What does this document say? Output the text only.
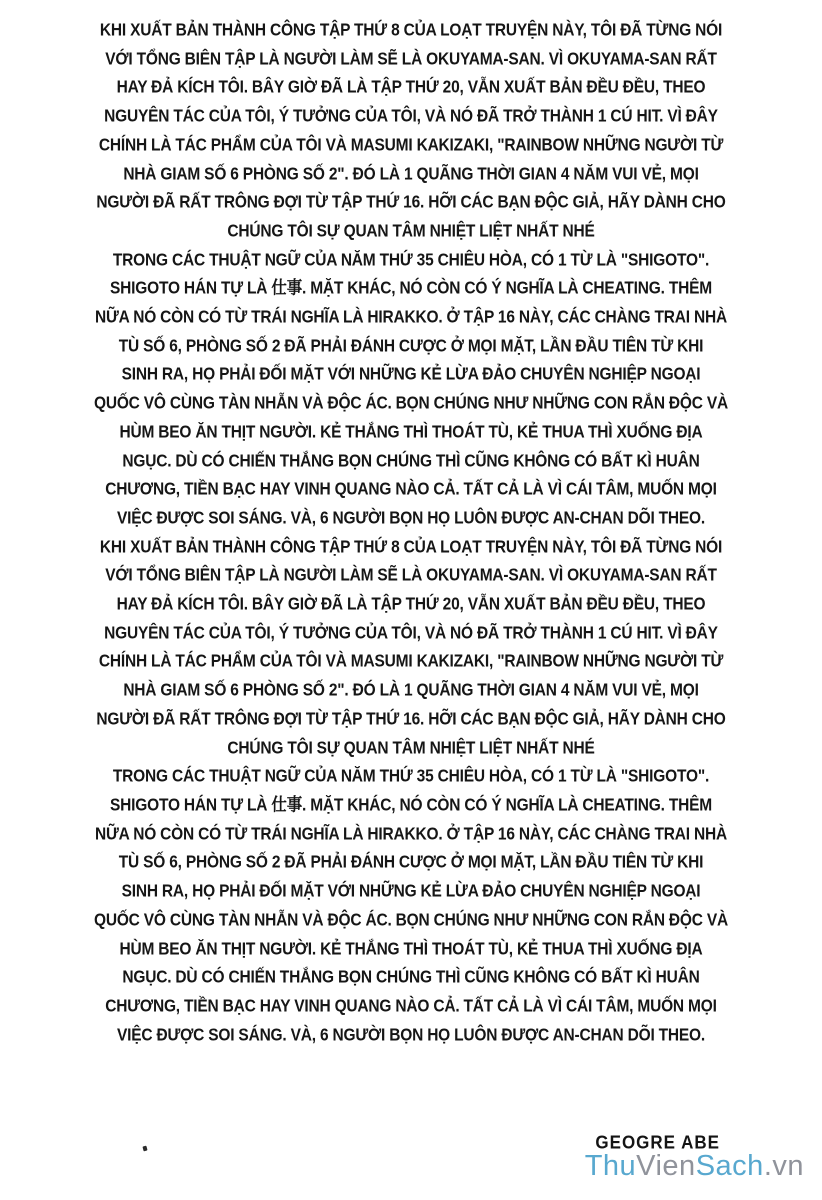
KHI XUẤT BẢN THÀNH CÔNG TẬP THỨ 8 CỦA LOẠT TRUYỆN NÀY, TÔI ĐÃ TỪNG NÓI
VỚI TỔNG BIÊN TẬP LÀ NGƯỜI LÀM SẼ LÀ OKUYAMA-SAN. VÌ OKUYAMA-SAN RẤT
HAY ĐẢ KÍCH TÔI. BÂY GIỜ ĐÃ LÀ TẬP THỨ 20, VẪN XUẤT BẢN ĐỀU ĐỀU, THEO
NGUYÊN TÁC CỦA TÔI, Ý TƯỞNG CỦA TÔI, VÀ NÓ ĐÃ TRỞ THÀNH 1 CÚ HIT. VÌ ĐÂY
CHÍNH LÀ TÁC PHẨM CỦA TÔI VÀ MASUMI KAKIZAKI, "RAINBOW NHỮNG NGƯỜI TỪ
NHÀ GIAM SỐ 6 PHÒNG SỐ 2". ĐÓ LÀ 1 QUÃNG THỜI GIAN 4 NĂM VUI VẺ, MỌI
NGƯỜI ĐÃ RẤT TRÔNG ĐỢI TỪ TẬP THỨ 16. HỠI CÁC BẠN ĐỘC GIẢ, HÃY DÀNH CHO
CHÚNG TÔI SỰ QUAN TÂM NHIỆT LIỆT NHẤT NHÉ
TRONG CÁC THUẬT NGỮ CỦA NĂM THỨ 35 CHIÊU HÒA, CÓ 1 TỪ LÀ "SHIGOTO".
SHIGOTO HÁN TỰ LÀ 仕事. MẶT KHÁC, NÓ CÒN CÓ Ý NGHĨA LÀ CHEATING. THÊM
NỮA NÓ CÒN CÓ TỪ TRÁI NGHĨA LÀ HIRAKKO. Ở TẬP 16 NÀY, CÁC CHÀNG TRAI NHÀ
TÙ SỐ 6, PHÒNG SỐ 2 ĐÃ PHẢI ĐÁNH CƯỢC Ở MỌI MẶT, LẦN ĐẦU TIÊN TỪ KHI
SINH RA, HỌ PHẢI ĐỐI MẶT VỚI NHỮNG KẺ LỪA ĐẢO CHUYÊN NGHIỆP NGOẠI
QUỐC VÔ CÙNG TÀN NHẪN VÀ ĐỘC ÁC. BỌN CHÚNG NHƯ NHỮNG CON RẮN ĐỘC VÀ
HÙM BEO ĂN THỊT NGƯỜI. KẺ THẮNG THÌ THOÁT TÙ, KẺ THUA THÌ XUỐNG ĐỊA
NGỤC. DÙ CÓ CHIẾN THẮNG BỌN CHÚNG THÌ CŨNG KHÔNG CÓ BẤT KÌ HUÂN
CHƯƠNG, TIỀN BẠC HAY VINH QUANG NÀO CẢ. TẤT CẢ LÀ VÌ CÁI TÂM, MUỐN MỌI
VIỆC ĐƯỢC SOI SÁNG. VÀ, 6 NGƯỜI BỌN HỌ LUÔN ĐƯỢC AN-CHAN DÕI THEO.
KHI XUẤT BẢN THÀNH CÔNG TẬP THỨ 8 CỦA LOẠT TRUYỆN NÀY, TÔI ĐÃ TỪNG NÓI
VỚI TỔNG BIÊN TẬP LÀ NGƯỜI LÀM SẼ LÀ OKUYAMA-SAN. VÌ OKUYAMA-SAN RẤT
HAY ĐẢ KÍCH TÔI. BÂY GIỜ ĐÃ LÀ TẬP THỨ 20, VẪN XUẤT BẢN ĐỀU ĐỀU, THEO
NGUYÊN TÁC CỦA TÔI, Ý TƯỞNG CỦA TÔI, VÀ NÓ ĐÃ TRỞ THÀNH 1 CÚ HIT. VÌ ĐÂY
CHÍNH LÀ TÁC PHẨM CỦA TÔI VÀ MASUMI KAKIZAKI, "RAINBOW NHỮNG NGƯỜI TỪ
NHÀ GIAM SỐ 6 PHÒNG SỐ 2". ĐÓ LÀ 1 QUÃNG THỜI GIAN 4 NĂM VUI VẺ, MỌI
NGƯỜI ĐÃ RẤT TRÔNG ĐỢI TỪ TẬP THỨ 16. HỠI CÁC BẠN ĐỘC GIẢ, HÃY DÀNH CHO
CHÚNG TÔI SỰ QUAN TÂM NHIỆT LIỆT NHẤT NHÉ
TRONG CÁC THUẬT NGỮ CỦA NĂM THỨ 35 CHIÊU HÒA, CÓ 1 TỪ LÀ "SHIGOTO".
SHIGOTO HÁN TỰ LÀ 仕事. MẶT KHÁC, NÓ CÒN CÓ Ý NGHĨA LÀ CHEATING. THÊM
NỮA NÓ CÒN CÓ TỪ TRÁI NGHĨA LÀ HIRAKKO. Ở TẬP 16 NÀY, CÁC CHÀNG TRAI NHÀ
TÙ SỐ 6, PHÒNG SỐ 2 ĐÃ PHẢI ĐÁNH CƯỢC Ở MỌI MẶT, LẦN ĐẦU TIÊN TỪ KHI
SINH RA, HỌ PHẢI ĐỐI MẶT VỚI NHỮNG KẺ LỪA ĐẢO CHUYÊN NGHIỆP NGOẠI
QUỐC VÔ CÙNG TÀN NHẪN VÀ ĐỘC ÁC. BỌN CHÚNG NHƯ NHỮNG CON RẮN ĐỘC VÀ
HÙM BEO ĂN THỊT NGƯỜI. KẺ THẮNG THÌ THOÁT TÙ, KẺ THUA THÌ XUỐNG ĐỊA
NGỤC. DÙ CÓ CHIẾN THẮNG BỌN CHÚNG THÌ CŨNG KHÔNG CÓ BẤT KÌ HUÂN
CHƯƠNG, TIỀN BẠC HAY VINH QUANG NÀO CẢ. TẤT CẢ LÀ VÌ CÁI TÂM, MUỐN MỌI
VIỆC ĐƯỢC SOI SÁNG. VÀ, 6 NGƯỜI BỌN HỌ LUÔN ĐƯỢC AN-CHAN DÕI THEO.
GEOGRE ABE
ThuVienSach.vn
